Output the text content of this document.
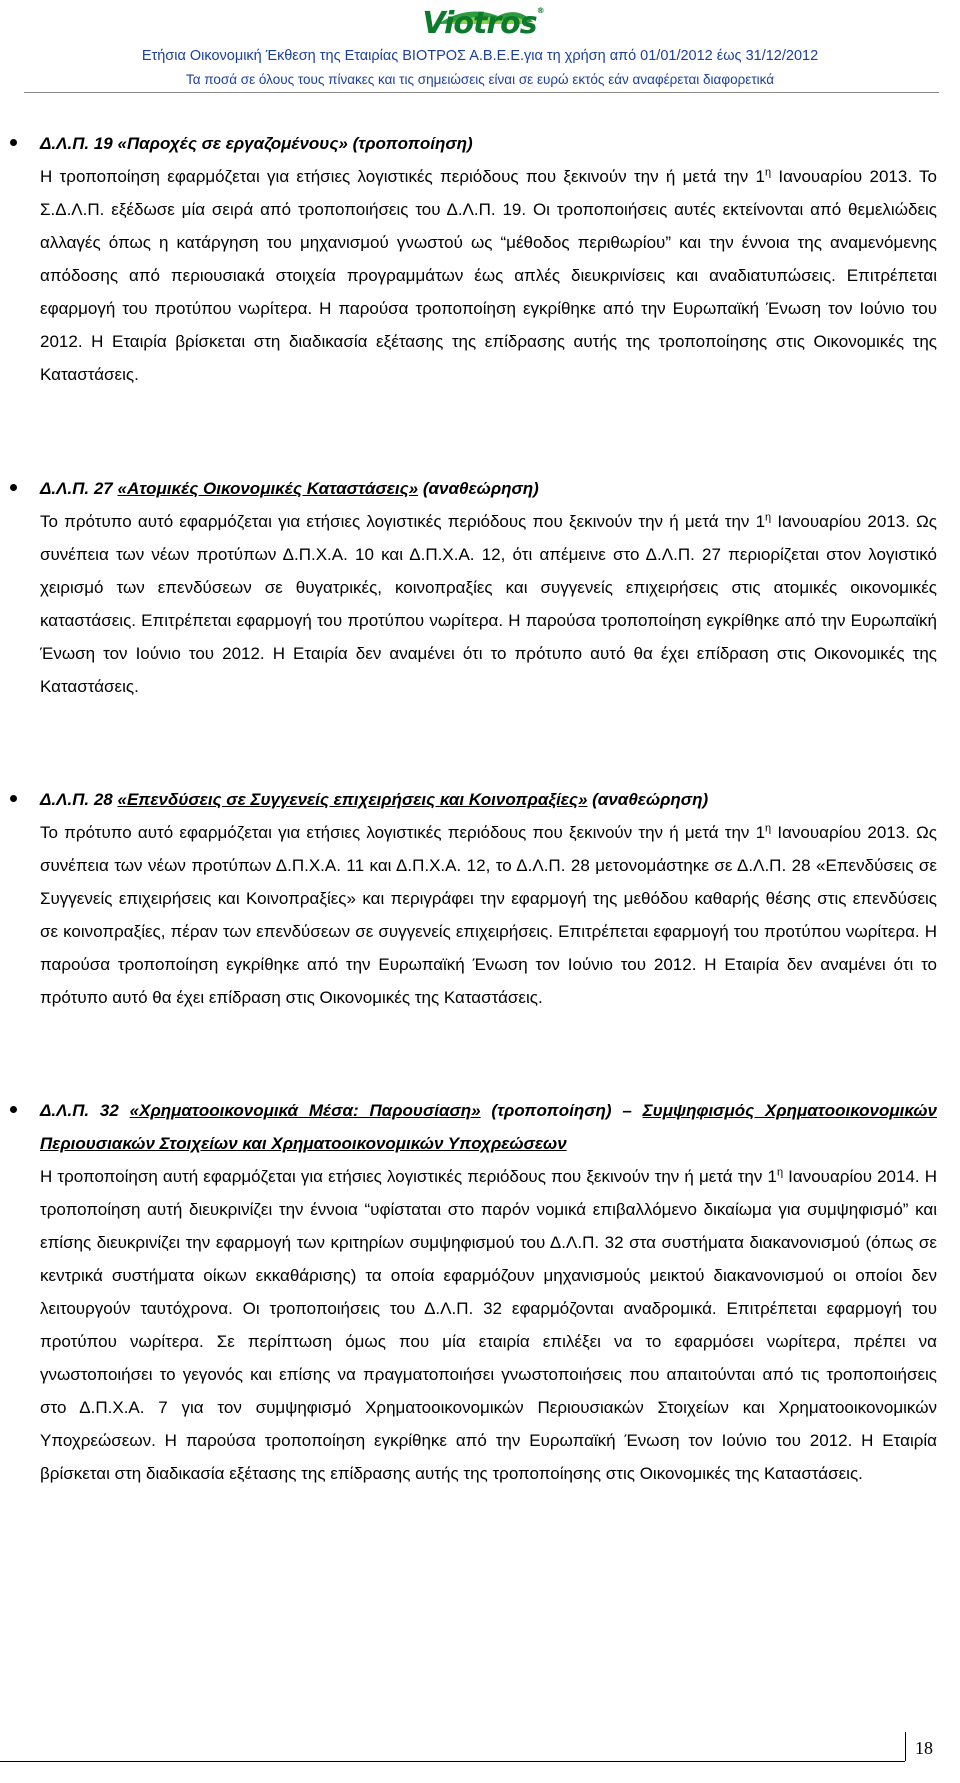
Viotros®
Ετήσια Οικονομική Έκθεση της Εταιρίας ΒΙΟΤΡΟΣ Α.Β.Ε.Ε.για τη χρήση από 01/01/2012 έως 31/12/2012
Τα ποσά σε όλους τους πίνακες και τις σημειώσεις είναι σε ευρώ εκτός εάν αναφέρεται διαφορετικά
Δ.Λ.Π. 19 «Παροχές σε εργαζομένους» (τροποποίηση)
Η τροποποίηση εφαρμόζεται για ετήσιες λογιστικές περιόδους που ξεκινούν την ή μετά την $1^\eta$ Ιανουαρίου 2013. Το Σ.Δ.Λ.Π. εξέδωσε μία σειρά από τροποποιήσεις του Δ.Λ.Π. 19. Οι τροποποιήσεις αυτές εκτείνονται από θεμελιώδεις αλλαγές όπως η κατάργηση του μηχανισμού γνωστού ως “μέθοδος περιθωρίου” και την έννοια της αναμενόμενης απόδοσης από περιουσιακά στοιχεία προγραμμάτων έως απλές διευκρινίσεις και αναδιατυπώσεις. Επιτρέπεται εφαρμογή του προτύπου νωρίτερα. Η παρούσα τροποποίηση εγκρίθηκε από την Ευρωπαϊκή Ένωση τον Ιούνιο του 2012. Η Εταιρία βρίσκεται στη διαδικασία εξέτασης της επίδρασης αυτής της τροποποίησης στις Οικονομικές της Καταστάσεις.
Δ.Λ.Π. 27 «Ατομικές Οικονομικές Καταστάσεις» (αναθεώρηση)
Το πρότυπο αυτό εφαρμόζεται για ετήσιες λογιστικές περιόδους που ξεκινούν την ή μετά την $1^\eta$ Ιανουαρίου 2013. Ως συνέπεια των νέων προτύπων Δ.Π.Χ.Α. 10 και Δ.Π.Χ.Α. 12, ότι απέμεινε στο Δ.Λ.Π. 27 περιορίζεται στον λογιστικό χειρισμό των επενδύσεων σε θυγατρικές, κοινοπραξίες και συγγενείς επιχειρήσεις στις ατομικές οικονομικές καταστάσεις. Επιτρέπεται εφαρμογή του προτύπου νωρίτερα. Η παρούσα τροποποίηση εγκρίθηκε από την Ευρωπαϊκή Ένωση τον Ιούνιο του 2012. Η Εταιρία δεν αναμένει ότι το πρότυπο αυτό θα έχει επίδραση στις Οικονομικές της Καταστάσεις.
Δ.Λ.Π. 28 «Επενδύσεις σε Συγγενείς επιχειρήσεις και Κοινοπραξίες» (αναθεώρηση)
Το πρότυπο αυτό εφαρμόζεται για ετήσιες λογιστικές περιόδους που ξεκινούν την ή μετά την $1^\eta$ Ιανουαρίου 2013. Ως συνέπεια των νέων προτύπων Δ.Π.Χ.Α. 11 και Δ.Π.Χ.Α. 12, το Δ.Λ.Π. 28 μετονομάστηκε σε Δ.Λ.Π. 28 «Επενδύσεις σε Συγγενείς επιχειρήσεις και Κοινοπραξίες» και περιγράφει την εφαρμογή της μεθόδου καθαρής θέσης στις επενδύσεις σε κοινοπραξίες, πέραν των επενδύσεων σε συγγενείς επιχειρήσεις. Επιτρέπεται εφαρμογή του προτύπου νωρίτερα. Η παρούσα τροποποίηση εγκρίθηκε από την Ευρωπαϊκή Ένωση τον Ιούνιο του 2012. Η Εταιρία δεν αναμένει ότι το πρότυπο αυτό θα έχει επίδραση στις Οικονομικές της Καταστάσεις.
Δ.Λ.Π. 32 «Χρηματοοικονομικά Μέσα: Παρουσίαση» (τροποποίηση) – Συμψηφισμός Χρηματοοικονομικών Περιουσιακών Στοιχείων και Χρηματοοικονομικών Υποχρεώσεων
Η τροποποίηση αυτή εφαρμόζεται για ετήσιες λογιστικές περιόδους που ξεκινούν την ή μετά την $1^\eta$ Ιανουαρίου 2014. Η τροποποίηση αυτή διευκρινίζει την έννοια “υφίσταται στο παρόν νομικά επιβαλλόμενο δικαίωμα για συμψηφισμό” και επίσης διευκρινίζει την εφαρμογή των κριτηρίων συμψηφισμού του Δ.Λ.Π. 32 στα συστήματα διακανονισμού (όπως σε κεντρικά συστήματα οίκων εκκαθάρισης) τα οποία εφαρμόζουν μηχανισμούς μεικτού διακανονισμού οι οποίοι δεν λειτουργούν ταυτόχρονα. Οι τροποποιήσεις του Δ.Λ.Π. 32 εφαρμόζονται αναδρομικά. Επιτρέπεται εφαρμογή του προτύπου νωρίτερα. Σε περίπτωση όμως που μία εταιρία επιλέξει να το εφαρμόσει νωρίτερα, πρέπει να γνωστοποιήσει το γεγονός και επίσης να πραγματοποιήσει γνωστοποιήσεις που απαιτούνται από τις τροποποιήσεις στο Δ.Π.Χ.Α. 7 για τον συμψηφισμό Χρηματοοικονομικών Περιουσιακών Στοιχείων και Χρηματοοικονομικών Υποχρεώσεων. Η παρούσα τροποποίηση εγκρίθηκε από την Ευρωπαϊκή Ένωση τον Ιούνιο του 2012. Η Εταιρία βρίσκεται στη διαδικασία εξέτασης της επίδρασης αυτής της τροποποίησης στις Οικονομικές της Καταστάσεις.
18
